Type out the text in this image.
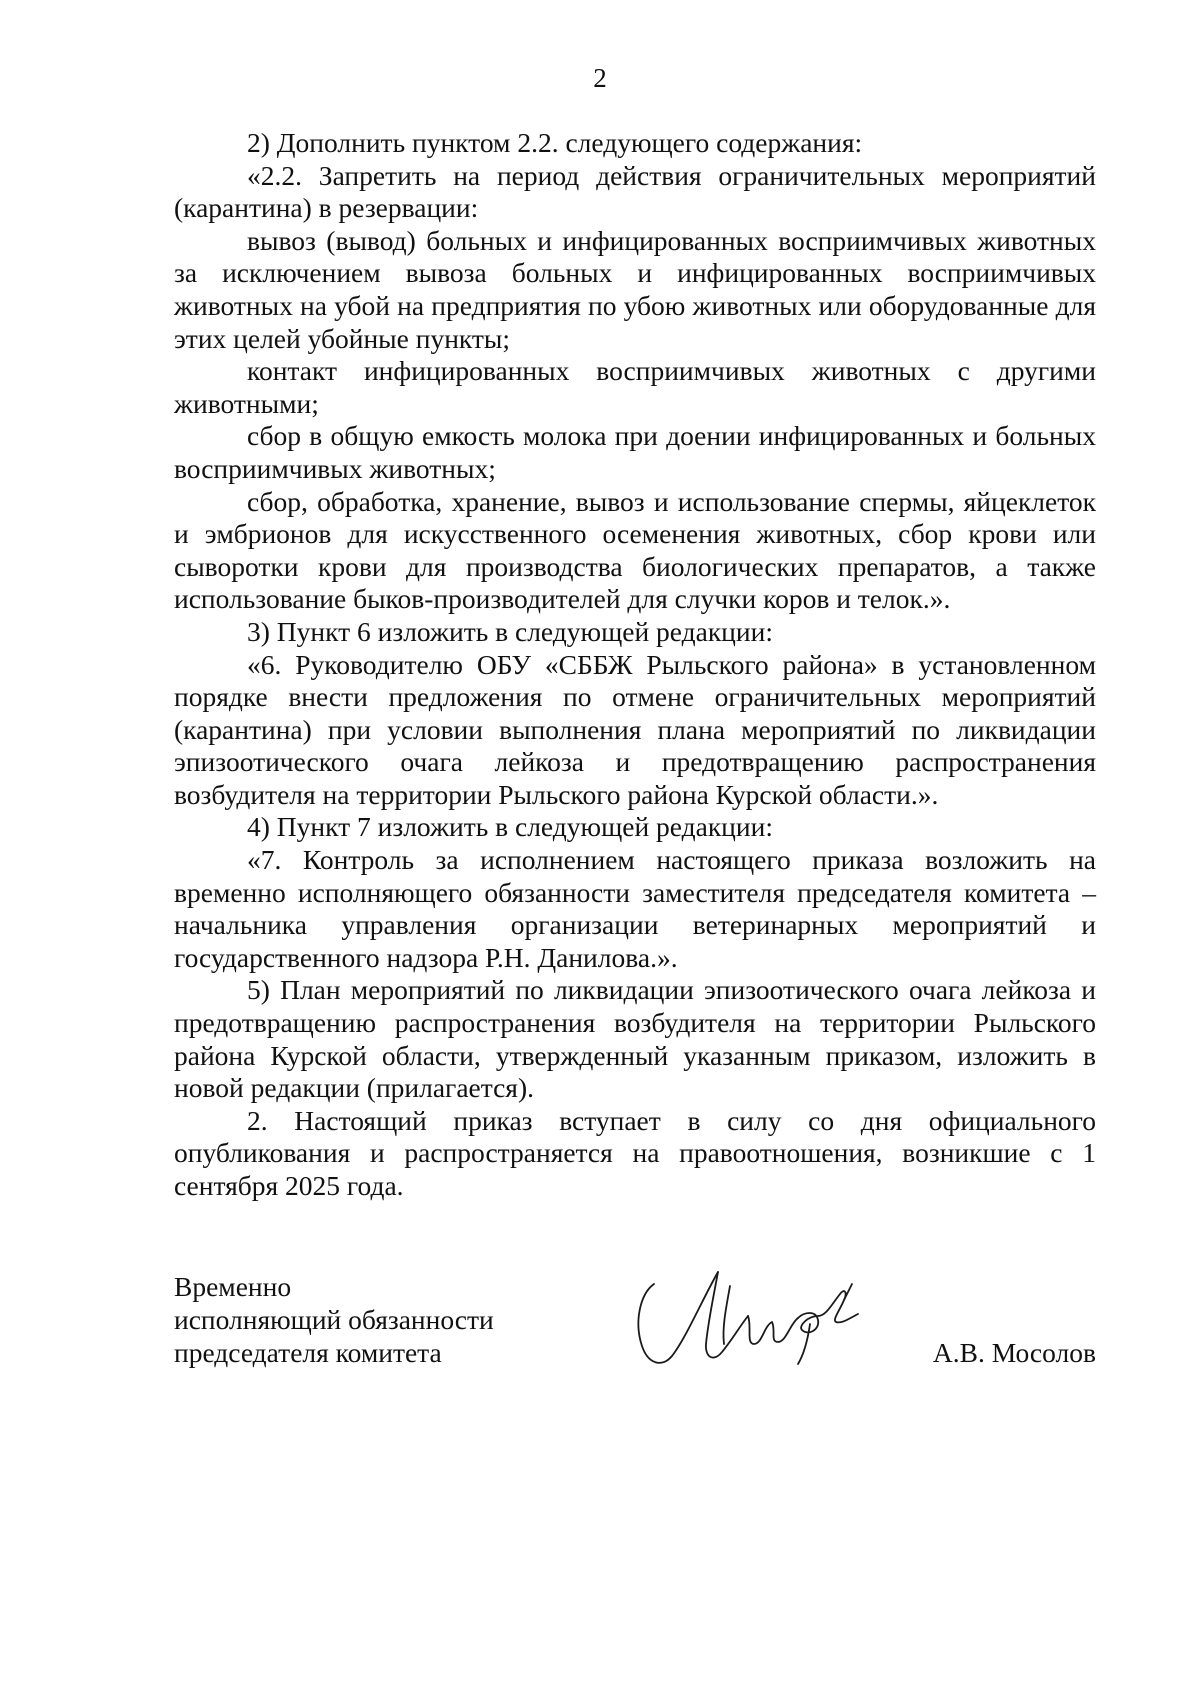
2

2) Дополнить пунктом 2.2. следующего содержания:

«2.2. Запретить на период действия ограничительных мероприятий (карантина) в резервации:

вывоз (вывод) больных и инфицированных восприимчивых животных за исключением вывоза больных и инфицированных восприимчивых животных на убой на предприятия по убою животных или оборудованные для этих целей убойные пункты;

контакт инфицированных восприимчивых животных с другими животными;

сбор в общую емкость молока при доении инфицированных и больных восприимчивых животных;

сбор, обработка, хранение, вывоз и использование спермы, яйцеклеток и эмбрионов для искусственного осеменения животных, сбор крови или сыворотки крови для производства биологических препаратов, а также использование быков-производителей для случки коров и телок.».

3) Пункт 6 изложить в следующей редакции:

«6. Руководителю ОБУ «СББЖ Рыльского района» в установленном порядке внести предложения по отмене ограничительных мероприятий (карантина) при условии выполнения плана мероприятий по ликвидации эпизоотического очага лейкоза и предотвращению распространения возбудителя на территории Рыльского района Курской области.».

4) Пункт 7 изложить в следующей редакции:

«7. Контроль за исполнением настоящего приказа возложить на временно исполняющего обязанности заместителя председателя комитета – начальника управления организации ветеринарных мероприятий и государственного надзора Р.Н. Данилова.».

5) План мероприятий по ликвидации эпизоотического очага лейкоза и предотвращению распространения возбудителя на территории Рыльского района Курской области, утвержденный указанным приказом, изложить в новой редакции (прилагается).

2. Настоящий приказ вступает в силу со дня официального опубликования и распространяется на правоотношения, возникшие с 1 сентября 2025 года.

Временно
исполняющий обязанности
председателя комитета	А.В. Мосолов
